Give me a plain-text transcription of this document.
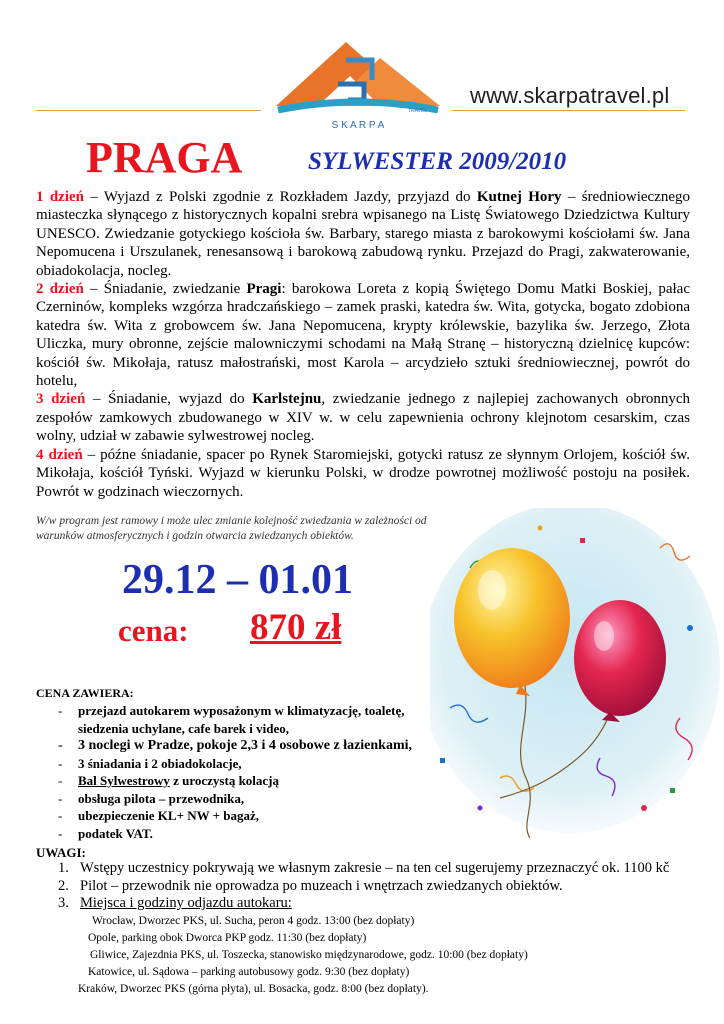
S K A R P A
TRAVEL
www.skarpatravel.pl
PRAGA	SYLWESTER 2009/2010

1 dzień – Wyjazd z Polski zgodnie z Rozkładem Jazdy, przyjazd do Kutnej Hory – średniowiecznego miasteczka słynącego z historycznych kopalni srebra wpisanego na Listę Światowego Dziedzictwa Kultury UNESCO. Zwiedzanie gotyckiego kościoła św. Barbary, starego miasta z barokowymi kościołami św. Jana Nepomucena i Urszulanek, renesansową i barokową zabudową rynku. Przejazd do Pragi, zakwaterowanie, obiadokolacja, nocleg.

2 dzień – Śniadanie, zwiedzanie Pragi: barokowa Loreta z kopią Świętego Domu Matki Boskiej, pałac Czerninów, kompleks wzgórza hradczańskiego – zamek praski, katedra św. Wita, gotycka, bogato zdobiona katedra św. Wita z grobowcem św. Jana Nepomucena, krypty królewskie, bazylika św. Jerzego, Złota Uliczka, mury obronne, zejście malowniczymi schodami na Małą Stranę – historyczną dzielnicę kupców: kościół św. Mikołaja, ratusz małostrański, most Karola – arcydzieło sztuki średniowiecznej, powrót do hotelu,

3 dzień – Śniadanie, wyjazd do Karlstejnu, zwiedzanie jednego z najlepiej zachowanych obronnych zespołów zamkowych zbudowanego w XIV w. w celu zapewnienia ochrony klejnotom cesarskim, czas wolny, udział w zabawie sylwestrowej nocleg.

4 dzień – późne śniadanie, spacer po Rynek Staromiejski, gotycki ratusz ze słynnym Orlojem, kościół św. Mikołaja, kościół Tyński. Wyjazd w kierunku Polski, w drodze powrotnej możliwość postoju na posiłek. Powrót w godzinach wieczornych.

W/w program jest ramowy i może ulec zmianie kolejność zwiedzania w zależności od warunków atmosferycznych i godzin otwarcia zwiedzanych obiektów.
29.12 – 01.01
cena: 870 zł
CENA ZAWIERA:
- przejazd autokarem wyposażonym w klimatyzację, toaletę, siedzenia uchylane, cafe barek i video,
- 3 noclegi w Pradze, pokoje 2,3 i 4 osobowe z łazienkami,
- 3 śniadania i 2 obiadokolacje,
- Bal Sylwestrowy z uroczystą kolacją
- obsługa pilota – przewodnika,
- ubezpieczenie KL+ NW + bagaż,
- podatek VAT.
UWAGI:
1. Wstępy uczestnicy pokrywają we własnym zakresie – na ten cel sugerujemy przeznaczyć ok. 1100 kč
2. Pilot – przewodnik nie oprowadza po muzeach i wnętrzach zwiedzanych obiektów.
3. Miejsca i godziny odjazdu autokaru:
Wrocław, Dworzec PKS, ul. Sucha, peron 4 godz. 13:00 (bez dopłaty)
Opole, parking obok Dworca PKP godz. 11:30 (bez dopłaty)
Gliwice, Zajezdnia PKS, ul. Toszecka, stanowisko międzynarodowe, godz. 10:00 (bez dopłaty)
Katowice, ul. Sądowa – parking autobusowy godz. 9:30 (bez dopłaty)
Kraków, Dworzec PKS (górna płyta), ul. Bosacka, godz. 8:00 (bez dopłaty).
